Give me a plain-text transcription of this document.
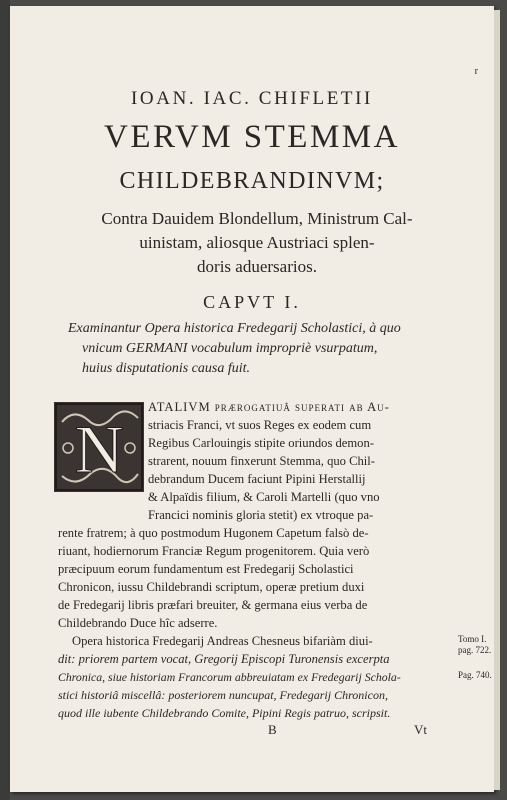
r
IOAN. IAC. CHIFLETII
VERVM STEMMA
CHILDEBRANDINVM;
Contra Dauidem Blondellum, Ministrum Cal-
uinistam, aliosque Austriaci splen-
doris aduersarios.
CAPVT I.
Examinantur Opera historica Fredegarij Scholastici, à quo
vnicum GERMANI vocabulum impropriè vsurpatum,
huius disputationis causa fuit.
N
ATALIVM prærogatiuâ superati ab Au-
striacis Franci, vt suos Reges ex eodem cum
Regibus Carlouingis stipite oriundos demon-
strarent, nouum finxerunt Stemma, quo Chil-
debrandum Ducem faciunt Pipini Herstallij
& Alpaïdis filium, & Caroli Martelli (quo vno
Francici nominis gloria stetit) ex vtroque pa-
rente fratrem; à quo postmodum Hugonem Capetum falsò de-
riuant, hodiernorum Franciæ Regum progenitorem. Quia verò
præcipuum eorum fundamentum est Fredegarij Scholastici
Chronicon, iussu Childebrandi scriptum, operæ pretium duxi
de Fredegarij libris præfari breuiter, & germana eius verba de
Childebrando Duce hîc adserre.
Opera historica Fredegarij Andreas Chesneus bifariàm diui-
dit: priorem partem vocat, Gregorij Episcopi Turonensis excerpta
Chronica, siue historiam Francorum abbreuiatam ex Fredegarij Schola-
stici historiâ miscellâ: posteriorem nuncupat, Fredegarij Chronicon,
quod ille iubente Childebrando Comite, Pipini Regis patruo, scripsit.
Tomo I.
pag. 722.
Pag. 740.
B	Vt
